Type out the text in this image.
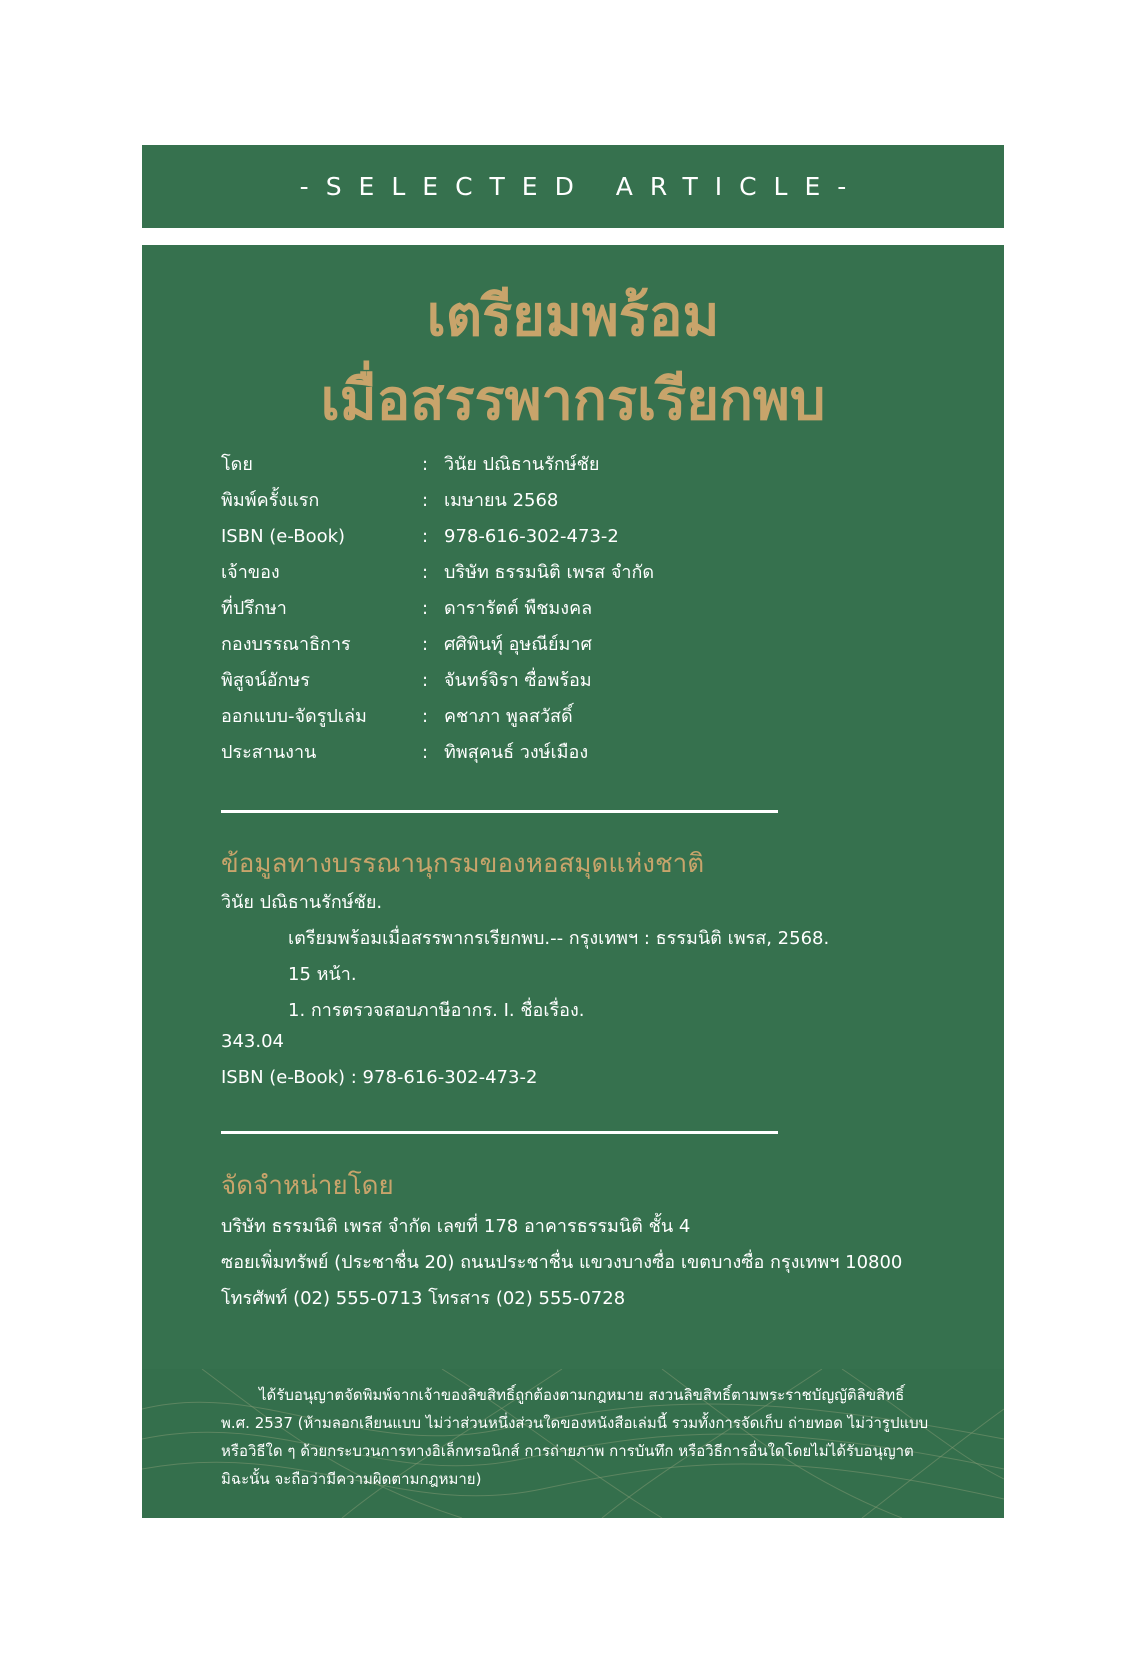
-SELECTED ARTICLE-
เตรียมพร้อม
เมื่อสรรพากรเรียกพบ
โดย	: วินัย ปณิธานรักษ์ชัย
พิมพ์ครั้งแรก	: เมษายน 2568
ISBN (e-Book)	: 978-616-302-473-2
เจ้าของ	: บริษัท ธรรมนิติ เพรส จำกัด
ที่ปรึกษา	: ดารารัตต์ พืชมงคล
กองบรรณาธิการ	: ศศิพินทุ์ อุษณีย์มาศ
พิสูจน์อักษร	: จันทร์จิรา ซื่อพร้อม
ออกแบบ-จัดรูปเล่ม	: คชาภา พูลสวัสดิ์
ประสานงาน	: ทิพสุคนธ์ วงษ์เมือง
ข้อมูลทางบรรณานุกรมของหอสมุดแห่งชาติ
วินัย ปณิธานรักษ์ชัย.
เตรียมพร้อมเมื่อสรรพากรเรียกพบ.-- กรุงเทพฯ : ธรรมนิติ เพรส, 2568.
15 หน้า.
1. การตรวจสอบภาษีอากร. I. ชื่อเรื่อง.
343.04
ISBN (e-Book) : 978-616-302-473-2
จัดจำหน่ายโดย
บริษัท ธรรมนิติ เพรส จำกัด เลขที่ 178 อาคารธรรมนิติ ชั้น 4
ซอยเพิ่มทรัพย์ (ประชาชื่น 20) ถนนประชาชื่น แขวงบางซื่อ เขตบางซื่อ กรุงเทพฯ 10800
โทรศัพท์ (02) 555-0713 โทรสาร (02) 555-0728
ได้รับอนุญาตจัดพิมพ์จากเจ้าของลิขสิทธิ์ถูกต้องตามกฎหมาย สงวนลิขสิทธิ์ตามพระราชบัญญัติลิขสิทธิ์
พ.ศ. 2537 (ห้ามลอกเลียนแบบ ไม่ว่าส่วนหนึ่งส่วนใดของหนังสือเล่มนี้ รวมทั้งการจัดเก็บ ถ่ายทอด ไม่ว่ารูปแบบ
หรือวิธีใด ๆ ด้วยกระบวนการทางอิเล็กทรอนิกส์ การถ่ายภาพ การบันทึก หรือวิธีการอื่นใดโดยไม่ได้รับอนุญาต
มิฉะนั้น จะถือว่ามีความผิดตามกฎหมาย)
